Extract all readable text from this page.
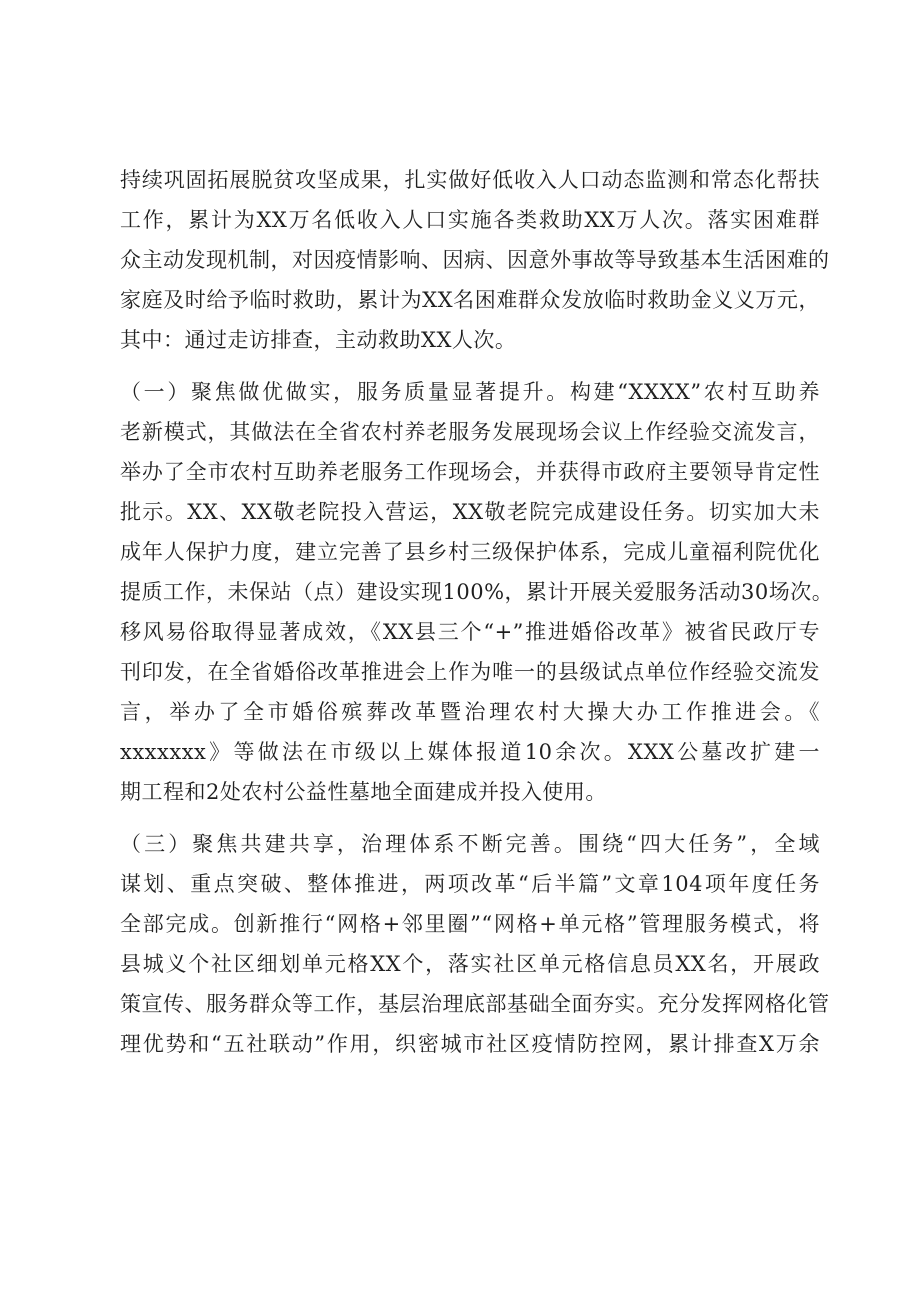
持续巩固拓展脱贫攻坚成果，扎实做好低收入人口动态监测和常态化帮扶
工作，累计为XX万名低收入人口实施各类救助XX万人次。落实困难群
众主动发现机制，对因疫情影响、因病、因意外事故等导致基本生活困难的
家庭及时给予临时救助，累计为XX名困难群众发放临时救助金义义万元，
其中：通过走访排查，主动救助XX人次。
（一）聚焦做优做实，服务质量显著提升。构建“XXXX”农村互助养
老新模式，其做法在全省农村养老服务发展现场会议上作经验交流发言，
举办了全市农村互助养老服务工作现场会，并获得市政府主要领导肯定性
批示。XX、XX敬老院投入营运，XX敬老院完成建设任务。切实加大未
成年人保护力度，建立完善了县乡村三级保护体系，完成儿童福利院优化
提质工作，未保站（点）建设实现100%，累计开展关爱服务活动30场次。
移风易俗取得显著成效，《XX县三个“+”推进婚俗改革》被省民政厅专
刊印发，在全省婚俗改革推进会上作为唯一的县级试点单位作经验交流发
言，举办了全市婚俗殡葬改革暨治理农村大操大办工作推进会。《
xxxxxxx》等做法在市级以上媒体报道10余次。XXX公墓改扩建一
期工程和2处农村公益性墓地全面建成并投入使用。
（三）聚焦共建共享，治理体系不断完善。围绕“四大任务”，全域
谋划、重点突破、整体推进，两项改革“后半篇”文章104项年度任务
全部完成。创新推行“网格+邻里圈”“网格+单元格”管理服务模式，将
县城义个社区细划单元格XX个，落实社区单元格信息员XX名，开展政
策宣传、服务群众等工作，基层治理底部基础全面夯实。充分发挥网格化管
理优势和“五社联动”作用，织密城市社区疫情防控网，累计排查X万余
